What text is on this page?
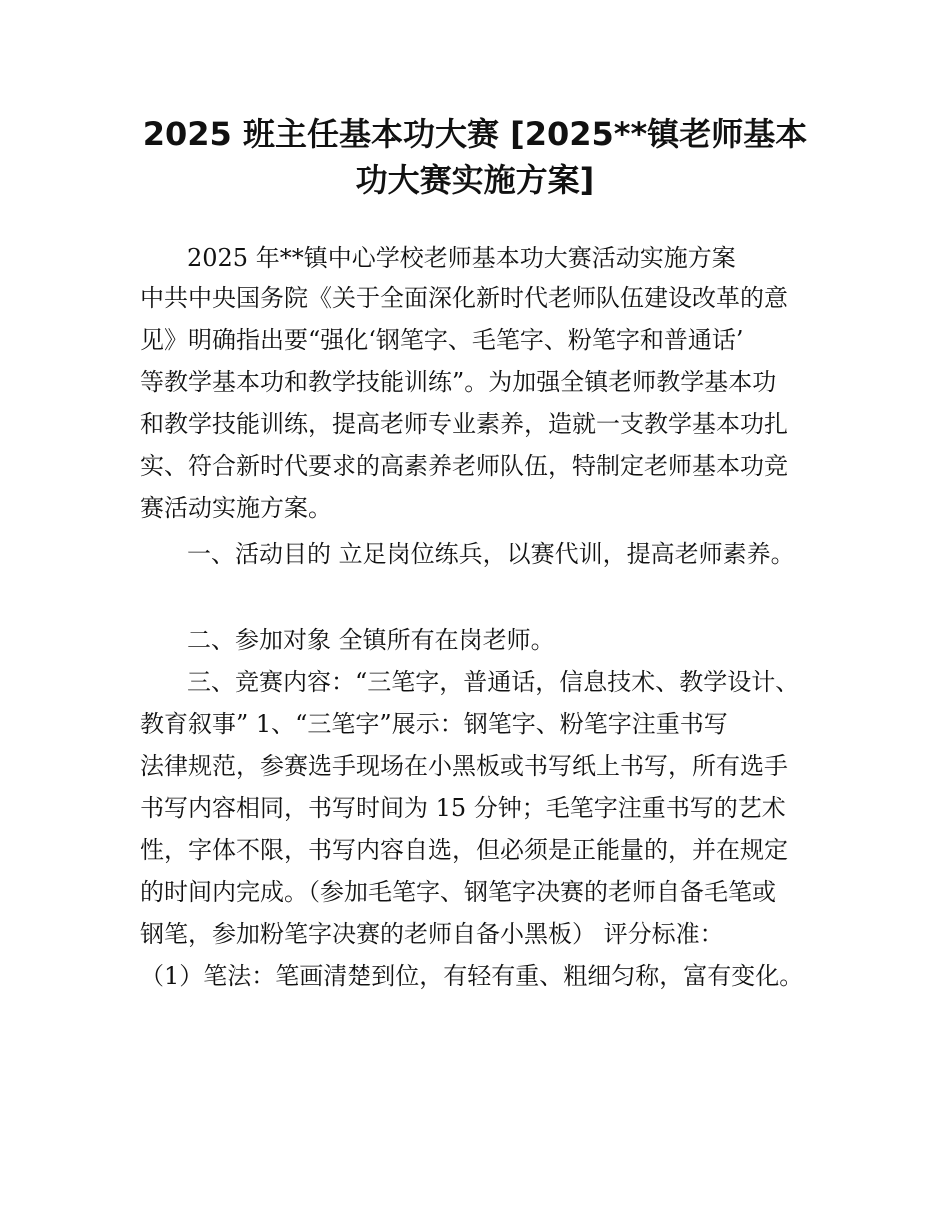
2025 班主任基本功大赛 [2025**镇老师基本
功大赛实施方案]
2025 年**镇中心学校老师基本功大赛活动实施方案
中共中央国务院《关于全面深化新时代老师队伍建设改革的意
见》明确指出要“强化‘钢笔字、毛笔字、粉笔字和普通话’
等教学基本功和教学技能训练”。为加强全镇老师教学基本功
和教学技能训练，提高老师专业素养，造就一支教学基本功扎
实、符合新时代要求的高素养老师队伍，特制定老师基本功竞
赛活动实施方案。
一、活动目的 立足岗位练兵，以赛代训，提高老师素养。
二、参加对象 全镇所有在岗老师。
三、竞赛内容：“三笔字，普通话，信息技术、教学设计、
教育叙事” 1、“三笔字”展示：钢笔字、粉笔字注重书写
法律规范，参赛选手现场在小黑板或书写纸上书写，所有选手
书写内容相同，书写时间为 15 分钟；毛笔字注重书写的艺术
性，字体不限，书写内容自选，但必须是正能量的，并在规定
的时间内完成。（参加毛笔字、钢笔字决赛的老师自备毛笔或
钢笔，参加粉笔字决赛的老师自备小黑板） 评分标准：
（1）笔法：笔画清楚到位，有轻有重、粗细匀称，富有变化。
